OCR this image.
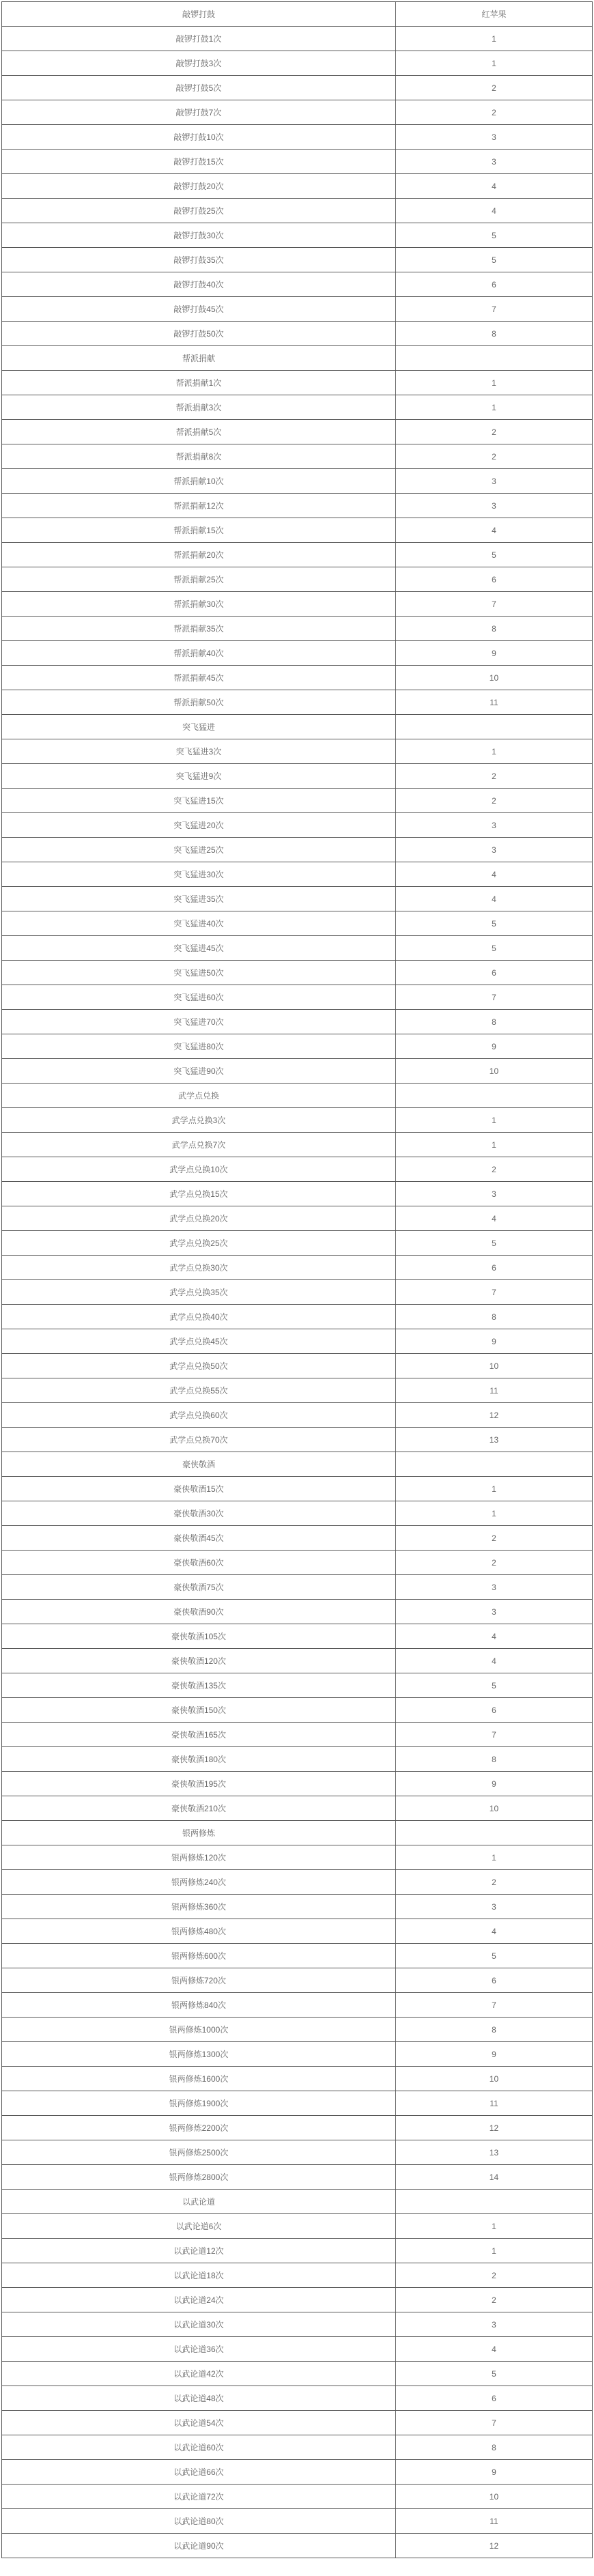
敲锣打鼓	红苹果
敲锣打鼓1次	1
敲锣打鼓3次	1
敲锣打鼓5次	2
敲锣打鼓7次	2
敲锣打鼓10次	3
敲锣打鼓15次	3
敲锣打鼓20次	4
敲锣打鼓25次	4
敲锣打鼓30次	5
敲锣打鼓35次	5
敲锣打鼓40次	6
敲锣打鼓45次	7
敲锣打鼓50次	8
帮派捐献	
帮派捐献1次	1
帮派捐献3次	1
帮派捐献5次	2
帮派捐献8次	2
帮派捐献10次	3
帮派捐献12次	3
帮派捐献15次	4
帮派捐献20次	5
帮派捐献25次	6
帮派捐献30次	7
帮派捐献35次	8
帮派捐献40次	9
帮派捐献45次	10
帮派捐献50次	11
突飞猛进	
突飞猛进3次	1
突飞猛进9次	2
突飞猛进15次	2
突飞猛进20次	3
突飞猛进25次	3
突飞猛进30次	4
突飞猛进35次	4
突飞猛进40次	5
突飞猛进45次	5
突飞猛进50次	6
突飞猛进60次	7
突飞猛进70次	8
突飞猛进80次	9
突飞猛进90次	10
武学点兑换	
武学点兑换3次	1
武学点兑换7次	1
武学点兑换10次	2
武学点兑换15次	3
武学点兑换20次	4
武学点兑换25次	5
武学点兑换30次	6
武学点兑换35次	7
武学点兑换40次	8
武学点兑换45次	9
武学点兑换50次	10
武学点兑换55次	11
武学点兑换60次	12
武学点兑换70次	13
豪侠敬酒	
豪侠敬酒15次	1
豪侠敬酒30次	1
豪侠敬酒45次	2
豪侠敬酒60次	2
豪侠敬酒75次	3
豪侠敬酒90次	3
豪侠敬酒105次	4
豪侠敬酒120次	4
豪侠敬酒135次	5
豪侠敬酒150次	6
豪侠敬酒165次	7
豪侠敬酒180次	8
豪侠敬酒195次	9
豪侠敬酒210次	10
银两修炼	
银两修炼120次	1
银两修炼240次	2
银两修炼360次	3
银两修炼480次	4
银两修炼600次	5
银两修炼720次	6
银两修炼840次	7
银两修炼1000次	8
银两修炼1300次	9
银两修炼1600次	10
银两修炼1900次	11
银两修炼2200次	12
银两修炼2500次	13
银两修炼2800次	14
以武论道	
以武论道6次	1
以武论道12次	1
以武论道18次	2
以武论道24次	2
以武论道30次	3
以武论道36次	4
以武论道42次	5
以武论道48次	6
以武论道54次	7
以武论道60次	8
以武论道66次	9
以武论道72次	10
以武论道80次	11
以武论道90次	12
